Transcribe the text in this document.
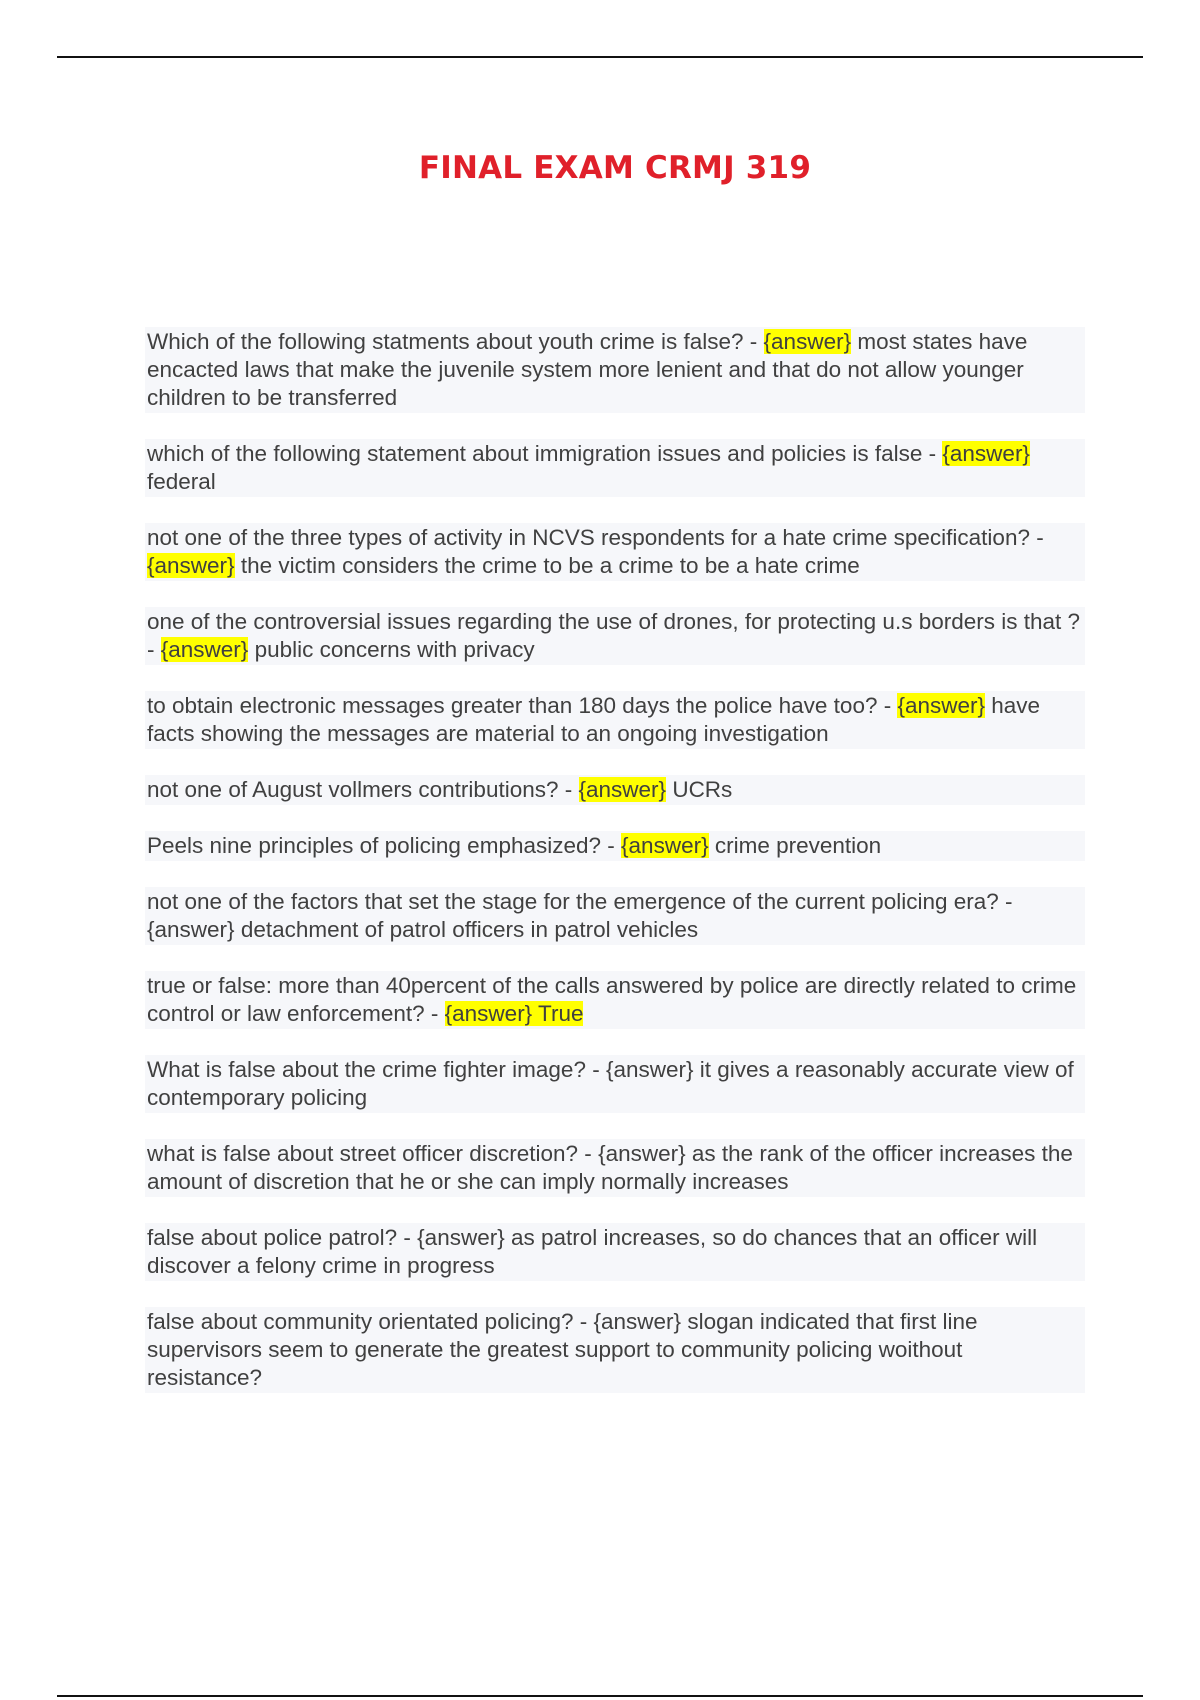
FINAL EXAM CRMJ 319

Which of the following statments about youth crime is false? - {answer} most states have encacted laws that make the juvenile system more lenient and that do not allow younger children to be transferred

which of the following statement about immigration issues and policies is false - {answer} federal

not one of the three types of activity in NCVS respondents for a hate crime specification? - {answer} the victim considers the crime to be a crime to be a hate crime

one of the controversial issues regarding the use of drones, for protecting u.s borders is that ? - {answer} public concerns with privacy

to obtain electronic messages greater than 180 days the police have too? - {answer} have facts showing the messages are material to an ongoing investigation

not one of August vollmers contributions? - {answer} UCRs

Peels nine principles of policing emphasized? - {answer} crime prevention

not one of the factors that set the stage for the emergence of the current policing era? - {answer} detachment of patrol officers in patrol vehicles

true or false: more than 40percent of the calls answered by police are directly related to crime control or law enforcement? - {answer} True

What is false about the crime fighter image? - {answer} it gives a reasonably accurate view of contemporary policing

what is false about street officer discretion? - {answer} as the rank of the officer increases the amount of discretion that he or she can imply normally increases

false about police patrol? - {answer} as patrol increases, so do chances that an officer will discover a felony crime in progress

false about community orientated policing? - {answer} slogan indicated that first line supervisors seem to generate the greatest support to community policing woithout resistance?
